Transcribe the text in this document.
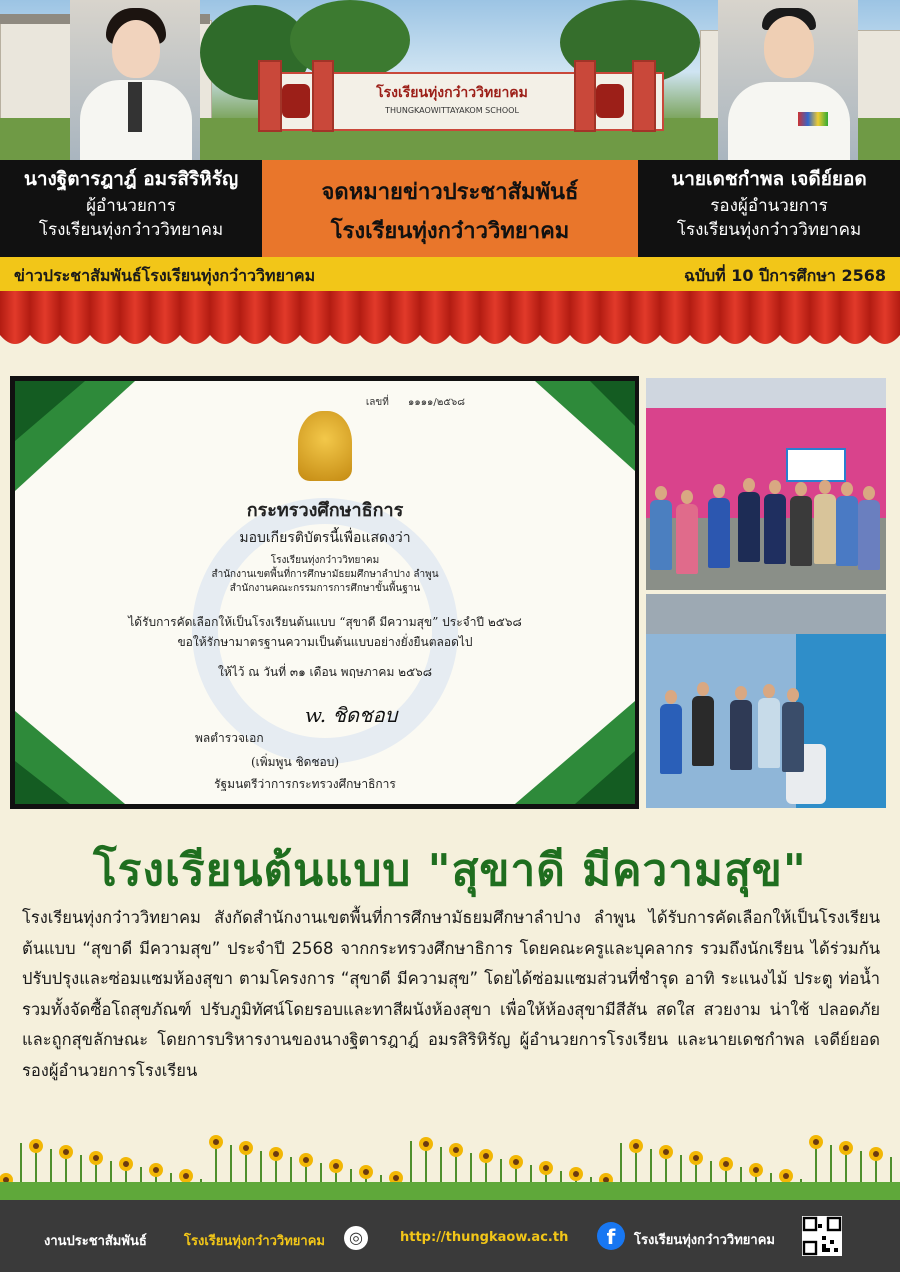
โรงเรียนทุ่งกว๋าววิทยาคม
THUNGKAOWITTAYAKOM SCHOOL
นางฐิตารฎาฎ์ อมรสิริหิรัญ
ผู้อำนวยการ
โรงเรียนทุ่งกว๋าววิทยาคม
จดหมายข่าวประชาสัมพันธ์
โรงเรียนทุ่งกว๋าววิทยาคม
นายเดชกำพล เจดีย์ยอด
รองผู้อำนวยการ
โรงเรียนทุ่งกว๋าววิทยาคม
ข่าวประชาสัมพันธ์โรงเรียนทุ่งกว๋าววิทยาคม	ฉบับที่ 10 ปีการศึกษา 2568
เลขที่ ๑๑๑๑/๒๕๖๘
กระทรวงศึกษาธิการ
มอบเกียรติบัตรนี้เพื่อแสดงว่า
โรงเรียนทุ่งกว๋าววิทยาคม
สำนักงานเขตพื้นที่การศึกษามัธยมศึกษาลำปาง ลำพูน
สำนักงานคณะกรรมการการศึกษาขั้นพื้นฐาน
ได้รับการคัดเลือกให้เป็นโรงเรียนต้นแบบ “สุขาดี มีความสุข” ประจำปี ๒๕๖๘
ขอให้รักษามาตรฐานความเป็นต้นแบบอย่างยั่งยืนตลอดไป
ให้ไว้ ณ วันที่ ๓๑ เดือน พฤษภาคม ๒๕๖๘
w. ชิดชอบ
พลตำรวจเอก
(เพิ่มพูน ชิดชอบ)
รัฐมนตรีว่าการกระทรวงศึกษาธิการ
โรงเรียนต้นแบบ "สุขาดี มีความสุข"
โรงเรียนทุ่งกว๋าววิทยาคม สังกัดสำนักงานเขตพื้นที่การศึกษามัธยมศึกษาลำปาง ลำพูน ได้รับการคัดเลือกให้เป็นโรงเรียนต้นแบบ “สุขาดี มีความสุข” ประจำปี 2568 จากกระทรวงศึกษาธิการ โดยคณะครูและบุคลากร รวมถึงนักเรียน ได้ร่วมกันปรับปรุงและซ่อมแซมห้องสุขา ตามโครงการ “สุขาดี มีความสุข” โดยได้ซ่อมแซมส่วนที่ชำรุด อาทิ ระแนงไม้ ประตู ท่อน้ำ รวมทั้งจัดซื้อโถสุขภัณฑ์ ปรับภูมิทัศน์โดยรอบและทาสีผนังห้องสุขา เพื่อให้ห้องสุขามีสีสัน สดใส สวยงาม น่าใช้ ปลอดภัย และถูกสุขลักษณะ โดยการบริหารงานของนางฐิตารฎาฎ์ อมรสิริหิรัญ ผู้อำนวยการโรงเรียน และนายเดชกำพล เจดีย์ยอด รองผู้อำนวยการโรงเรียน
งานประชาสัมพันธ์	โรงเรียนทุ่งกว๋าววิทยาคม	◎	http://thungkaow.ac.th	f	โรงเรียนทุ่งกว๋าววิทยาคม
